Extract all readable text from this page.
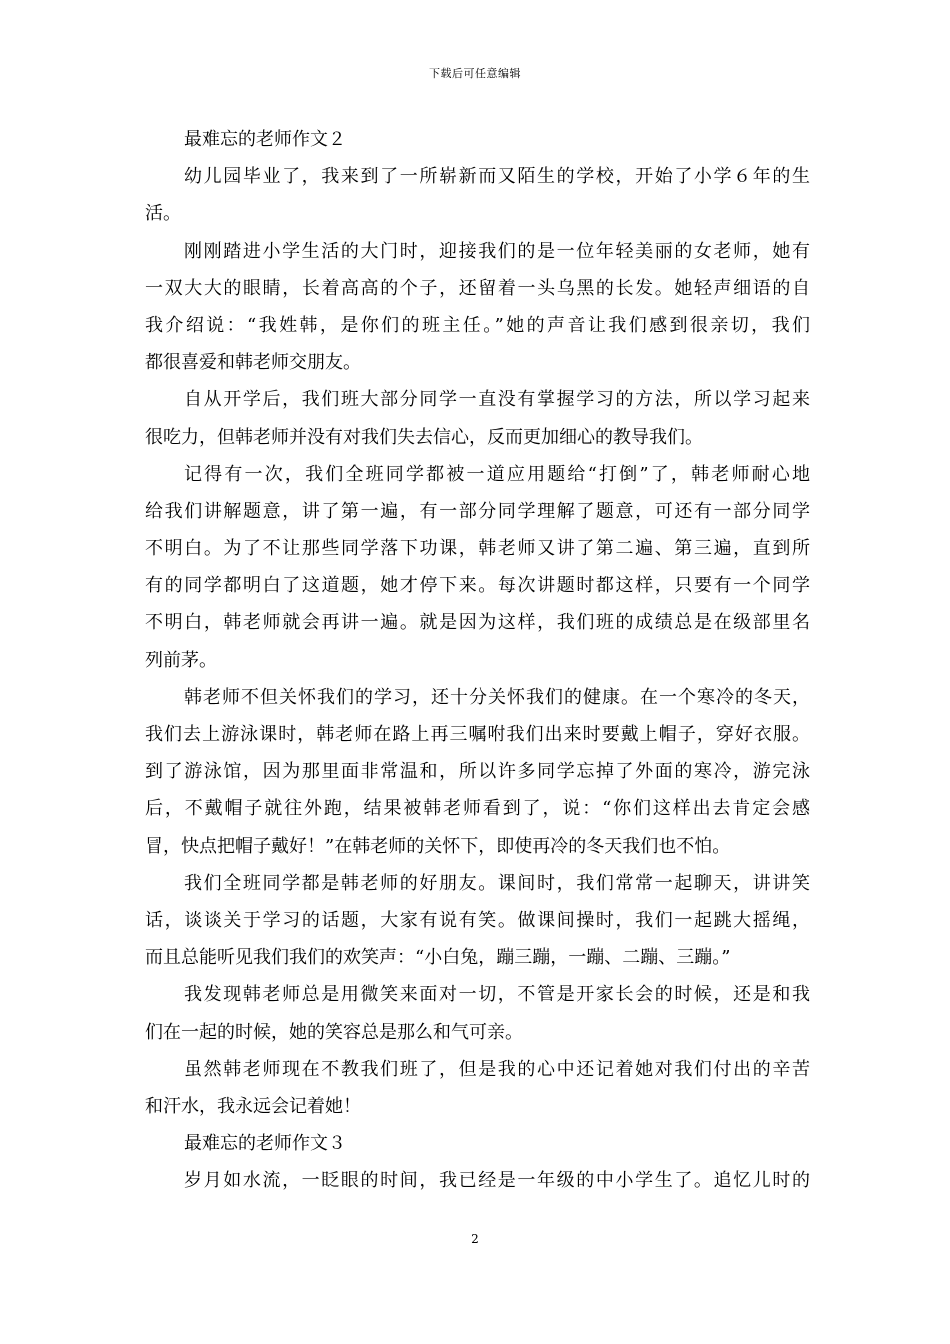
下载后可任意编辑
最难忘的老师作文２
幼儿园毕业了，我来到了一所崭新而又陌生的学校，开始了小学６年的生
活。
刚刚踏进小学生活的大门时，迎接我们的是一位年轻美丽的女老师，她有
一双大大的眼睛，长着高高的个子，还留着一头乌黑的长发。她轻声细语的自
我介绍说：“我姓韩，是你们的班主任。”她的声音让我们感到很亲切，我们
都很喜爱和韩老师交朋友。
自从开学后，我们班大部分同学一直没有掌握学习的方法，所以学习起来
很吃力，但韩老师并没有对我们失去信心，反而更加细心的教导我们。
记得有一次，我们全班同学都被一道应用题给“打倒”了，韩老师耐心地
给我们讲解题意，讲了第一遍，有一部分同学理解了题意，可还有一部分同学
不明白。为了不让那些同学落下功课，韩老师又讲了第二遍、第三遍，直到所
有的同学都明白了这道题，她才停下来。每次讲题时都这样，只要有一个同学
不明白，韩老师就会再讲一遍。就是因为这样，我们班的成绩总是在级部里名
列前茅。
韩老师不但关怀我们的学习，还十分关怀我们的健康。在一个寒冷的冬天，
我们去上游泳课时，韩老师在路上再三嘱咐我们出来时要戴上帽子，穿好衣服。
到了游泳馆，因为那里面非常温和，所以许多同学忘掉了外面的寒冷，游完泳
后，不戴帽子就往外跑，结果被韩老师看到了，说：“你们这样出去肯定会感
冒，快点把帽子戴好！”在韩老师的关怀下，即使再冷的冬天我们也不怕。
我们全班同学都是韩老师的好朋友。课间时，我们常常一起聊天，讲讲笑
话，谈谈关于学习的话题，大家有说有笑。做课间操时，我们一起跳大摇绳，
而且总能听见我们我们的欢笑声：“小白兔，蹦三蹦，一蹦、二蹦、三蹦。”
我发现韩老师总是用微笑来面对一切，不管是开家长会的时候，还是和我
们在一起的时候，她的笑容总是那么和气可亲。
虽然韩老师现在不教我们班了，但是我的心中还记着她对我们付出的辛苦
和汗水，我永远会记着她！
最难忘的老师作文３
岁月如水流，一眨眼的时间，我已经是一年级的中小学生了。追忆儿时的
2
